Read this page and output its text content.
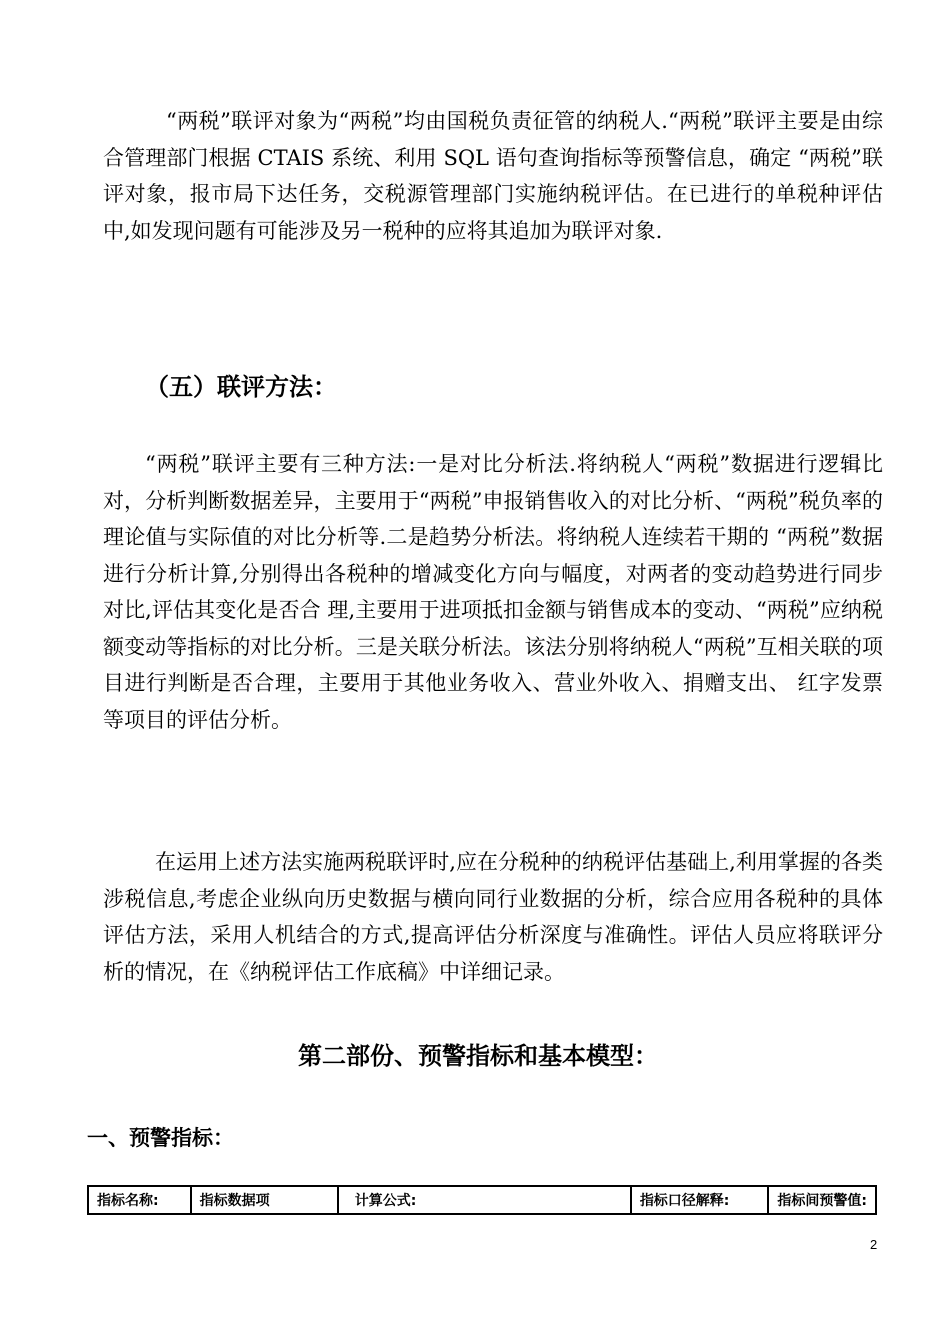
“两税”联评对象为“两税”均由国税负责征管的纳税人.“两税”联评主要是由综合管理部门根据 CTAIS 系统、利用 SQL 语句查询指标等预警信息，确定 “两税”联评对象，报市局下达任务，交税源管理部门实施纳税评估。在已进行的单税种评估中,如发现问题有可能涉及另一税种的应将其追加为联评对象.

（五）联评方法：

“两税”联评主要有三种方法:一是对比分析法.将纳税人“两税”数据进行逻辑比对，分析判断数据差异，主要用于“两税”申报销售收入的对比分析、“两税”税负率的理论值与实际值的对比分析等.二是趋势分析法。将纳税人连续若干期的 “两税”数据进行分析计算,分别得出各税种的增减变化方向与幅度，对两者的变动趋势进行同步对比,评估其变化是否合 理,主要用于进项抵扣金额与销售成本的变动、“两税”应纳税额变动等指标的对比分析。三是关联分析法。该法分别将纳税人“两税”互相关联的项目进行判断是否合理，主要用于其他业务收入、营业外收入、捐赠支出、 红字发票等项目的评估分析。

在运用上述方法实施两税联评时,应在分税种的纳税评估基础上,利用掌握的各类涉税信息,考虑企业纵向历史数据与横向同行业数据的分析，综合应用各税种的具体评估方法，采用人机结合的方式,提高评估分析深度与准确性。评估人员应将联评分析的情况，在《纳税评估工作底稿》中详细记录。

第二部份、预警指标和基本模型：
一、预警指标：
指标名称:	指标数据项	计算公式:	指标口径解释:	指标间预警值:
2
